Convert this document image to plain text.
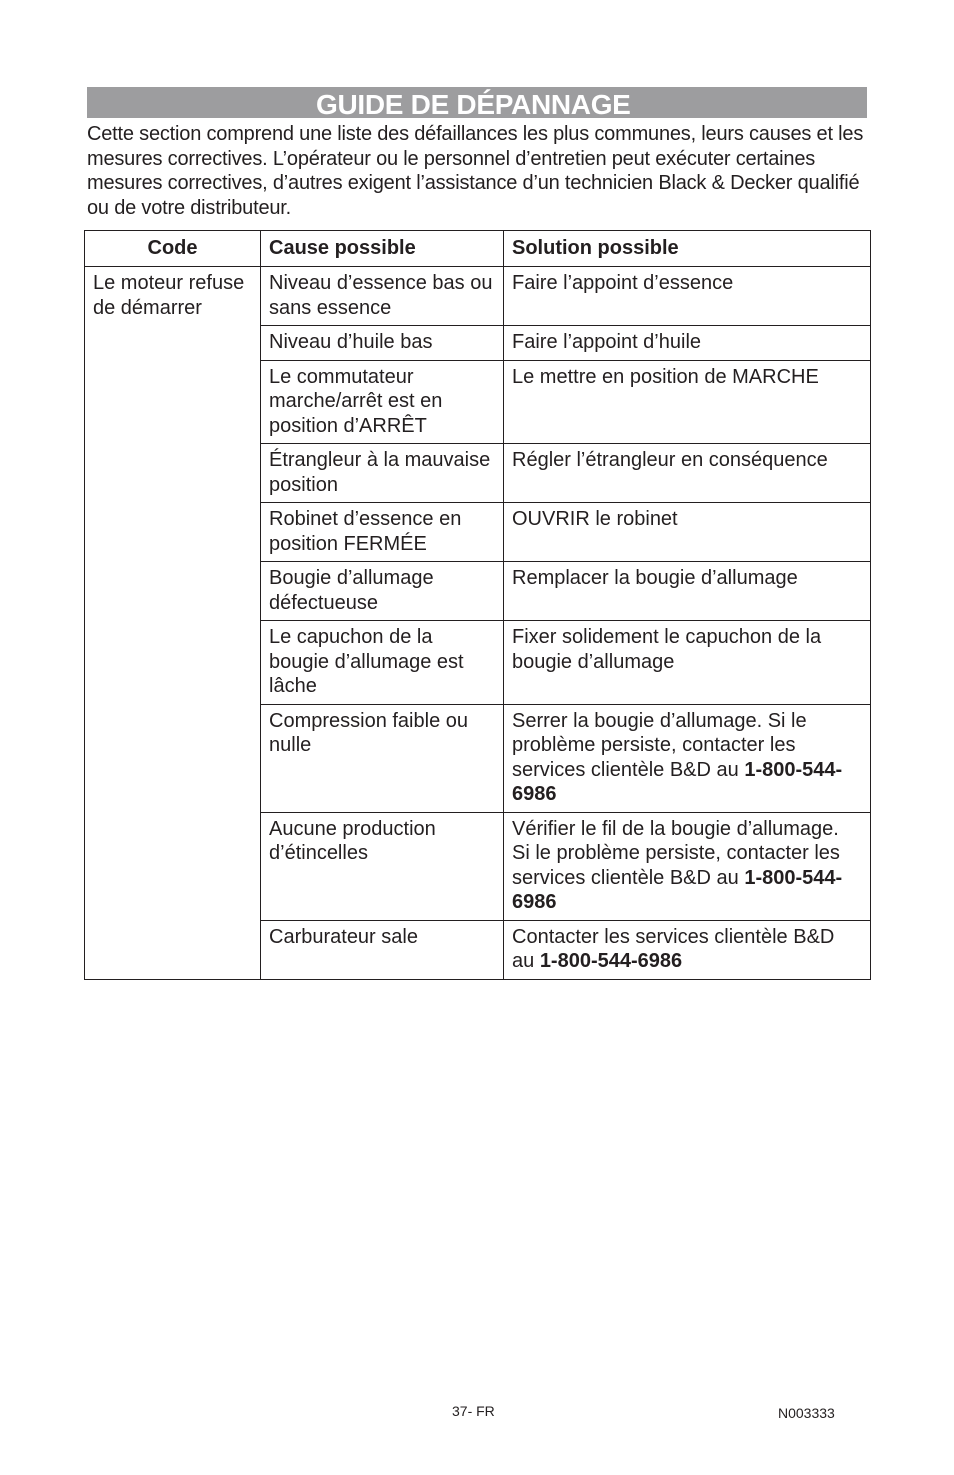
GUIDE DE DÉPANNAGE

Cette section comprend une liste des défaillances les plus communes, leurs causes et les mesures correctives. L’opérateur ou le personnel d’entretien peut exécuter certaines mesures correctives, d’autres exigent l’assistance d’un technicien Black & Decker qualifié ou de votre distributeur.

Code	Cause possible	Solution possible
Le moteur refuse de démarrer	Niveau d’essence bas ou sans essence	Faire l’appoint d’essence
	Niveau d’huile bas	Faire l’appoint d’huile
	Le commutateur marche/arrêt est en position d’ARRÊT	Le mettre en position de MARCHE
	Étrangleur à la mauvaise position	Régler l’étrangleur en conséquence
	Robinet d’essence en position FERMÉE	OUVRIR le robinet
	Bougie d’allumage défectueuse	Remplacer la bougie d’allumage
	Le capuchon de la bougie d’allumage est lâche	Fixer solidement le capuchon de la bougie d’allumage
	Compression faible ou nulle	Serrer la bougie d’allumage. Si le problème persiste, contacter les services clientèle B&D au 1-800-544-6986
	Aucune production d’étincelles	Vérifier le fil de la bougie d’allumage. Si le problème persiste, contacter les services clientèle B&D au 1-800-544-6986
	Carburateur sale	Contacter les services clientèle B&D au 1-800-544-6986
37- FR	N003333
